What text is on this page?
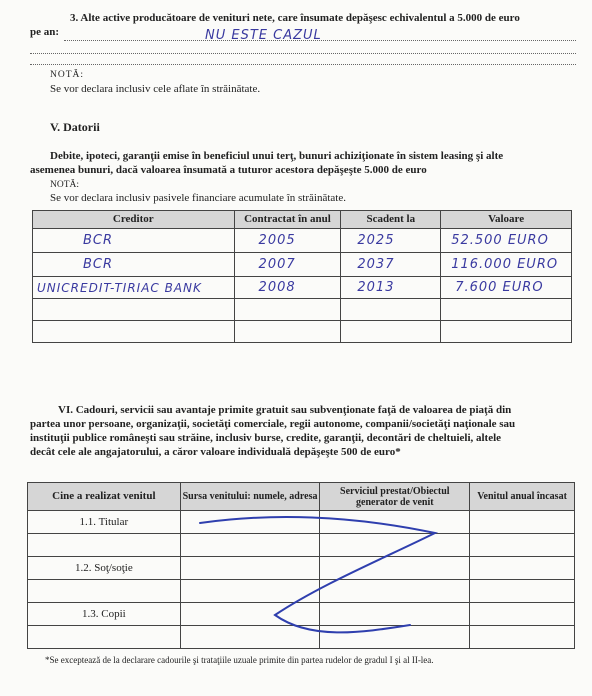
3. Alte active producătoare de venituri nete, care însumate depăşesc echivalentul a 5.000 de euro
pe an:	NU ESTE CAZUL
NOTĂ:
Se vor declara inclusiv cele aflate în străinătate.
V. Datorii
Debite, ipoteci, garanţii emise în beneficiul unui terţ, bunuri achiziţionate în sistem leasing şi alte
asemenea bunuri, dacă valoarea însumată a tuturor acestora depăşeşte 5.000 de euro
NOTĂ:
Se vor declara inclusiv pasivele financiare acumulate în străinătate.
Creditor	Contractat în anul	Scadent la	Valoare
BCR	2005	2025	52.500 EURO
BCR	2007	2037	116.000 EURO
UNICREDIT-TIRIAC BANK	2008	2013	7.600 EURO

VI. Cadouri, servicii sau avantaje primite gratuit sau subvenţionate faţă de valoarea de piaţă din
partea unor persoane, organizaţii, societăţi comerciale, regii autonome, companii/societăţi naţionale sau
instituţii publice româneşti sau străine, inclusiv burse, credite, garanţii, decontări de cheltuieli, altele
decât cele ale angajatorului, a căror valoare individuală depăşeşte 500 de euro*
Cine a realizat venitul	Sursa venitului: numele, adresa	Serviciul prestat/Obiectul generator de venit	Venitul anual încasat
1.1. Titular			

1.2. Soţ/soţie			

1.3. Copii			

*Se exceptează de la declarare cadourile şi trataţiile uzuale primite din partea rudelor de gradul I şi al II-lea.
